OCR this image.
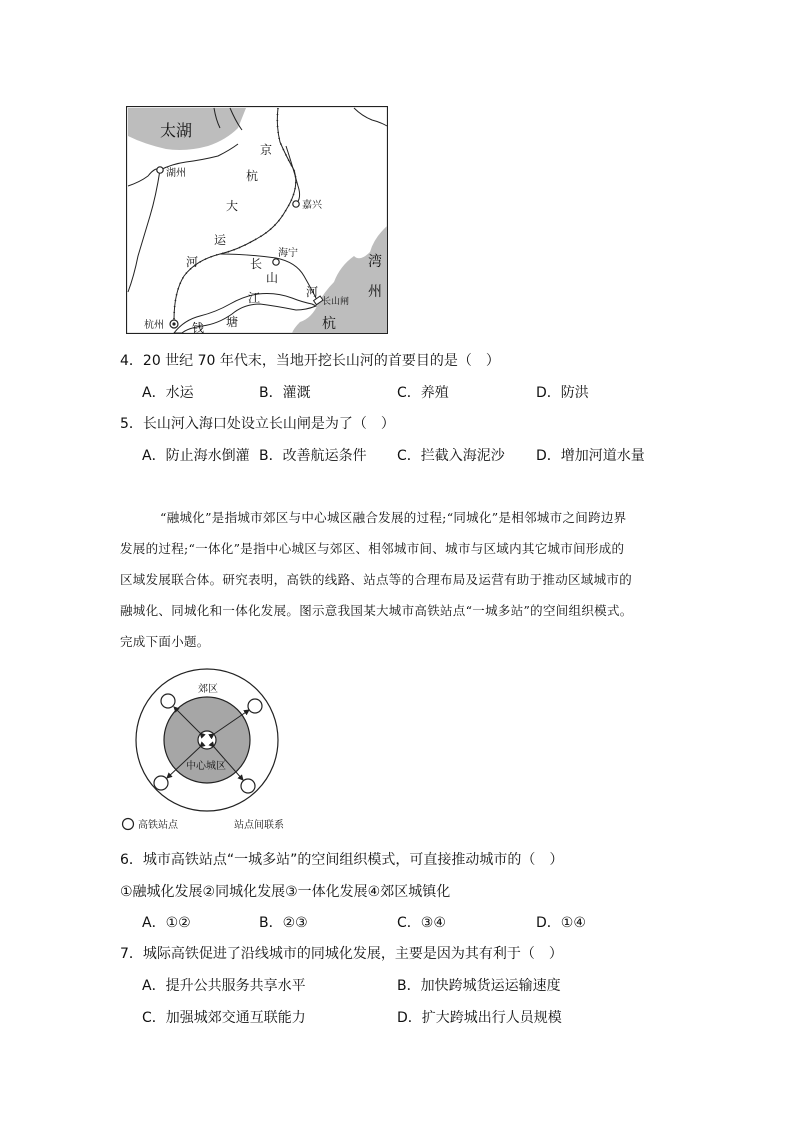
太湖
湖州
嘉兴
海宁
杭州
长山闸
湾
州
杭
京
杭
大
运
河	长
山
河
钱 塘
江
4．20 世纪 70 年代末，当地开挖长山河的首要目的是（　）
A．水运	B．灌溉	C．养殖	D．防洪
5．长山河入海口处设立长山闸是为了（　）
A．防止海水倒灌 B．改善航运条件 C．拦截入海泥沙 D．增加河道水量
“融城化”是指城市郊区与中心城区融合发展的过程;“同城化”是相邻城市之间跨边界
发展的过程;“一体化”是指中心城区与郊区、相邻城市间、城市与区域内其它城市间形成的
区域发展联合体。研究表明，高铁的线路、站点等的合理布局及运营有助于推动区域城市的
融城化、同城化和一体化发展。图示意我国某大城市高铁站点“一城多站”的空间组织模式。
完成下面小题。
郊区
中心城区
高铁站点	站点间联系
6．城市高铁站点“一城多站”的空间组织模式，可直接推动城市的（　）
①融城化发展②同城化发展③一体化发展④郊区城镇化
A．①②	B．②③	C．③④	D．①④
7．城际高铁促进了沿线城市的同城化发展，主要是因为其有利于（　）
A．提升公共服务共享水平	B．加快跨城货运运输速度
C．加强城郊交通互联能力	D．扩大跨城出行人员规模
